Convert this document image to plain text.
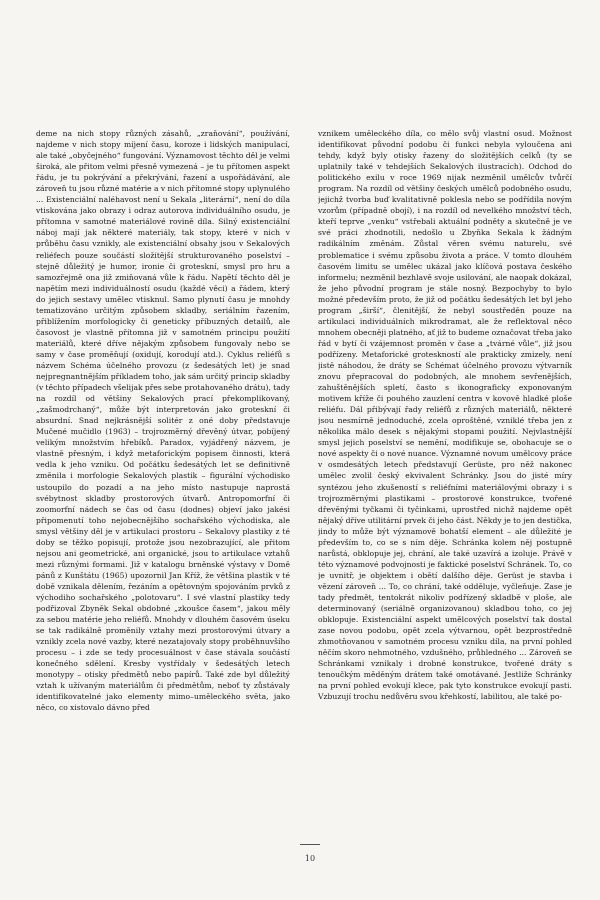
deme na nich stopy různých zásahů, „zraňování“, používání, najdeme v nich stopy míjení času, koroze i lidských manipulací, ale také „obyčejného“ fungování. Významovost těchto děl je velmi široká, ale přitom velmi přesně vymezená – je tu přítomen aspekt řádu, je tu pokrývání a překrývání, řazení a uspořádávání, ale zároveň tu jsou různé matérie a v nich přítomné stopy uplynulého ... Existenciální naléhavost není u Sekala „literární“, není do díla vtiskována jako obrazy i odraz autorova individuálního osudu, je přítomna v samotné materiálové rovině díla. Silný existenciální náboj mají jak některé materiály, tak stopy, které v nich v průběhu času vznikly, ale existenciální obsahy jsou v Sekalových reliéfech pouze součástí složitější strukturovaného poselství – stejně důležitý je humor, ironie či groteskní, smysl pro hru a samozřejmě ona již zmiňovaná vůle k řádu. Napětí těchto děl je napětím mezi individuálností osudu (každé věci) a řádem, který do jejich sestavy umělec vtisknul. Samo plynutí času je mnohdy tematizováno určitým způsobem skladby, seriálním řazením, přiblížením morfologicky či geneticky příbuzných detailů, ale časovost je vlastně přítomna již v samotném principu použití materiálů, které dříve nějakým způsobem fungovaly nebo se samy v čase proměňují (oxidují, korodují atd.). Cyklus reliéfů s názvem Schéma účelného provozu (z šedesátých let) je snad nejpregnantnějším příkladem toho, jak sám určitý princip skladby (v těchto případech všelijak přes sebe protahovaného drátu), tady na rozdíl od většiny Sekalových prací překomplikovaný, „zašmodrchaný“, může být interpretován jako groteskní či absurdní. Snad nejkrásnější solitér z oné doby představuje Mučené mučidlo (1963) – trojrozměrný dřevěný útvar, pobíjený velikým množstvím hřebíků. Paradox, vyjádřený názvem, je vlastně přesným, i když metaforickým popisem činnosti, která vedla k jeho vzniku. Od počátku šedesátých let se definitivně změnila i morfologie Sekalových plastik – figurální východisko ustoupilo do pozadí a na jeho místo nastupuje naprostá svébytnost skladby prostorových útvarů. Antropomorfní či zoomorfní nádech se čas od času (dodnes) objeví jako jakési připomenutí toho nejobecnějšího sochařského východiska, ale smysl většiny děl je v artikulaci prostoru – Sekalovy plastiky z té doby se těžko popisují, protože jsou nezobrazující, ale přitom nejsou ani geometrické, ani organické, jsou to artikulace vztahů mezi různými formami. Již v katalogu brněnské výstavy v Domě pánů z Kunštátu (1965) upozornil Jan Kříž, že většina plastik v té době vznikala dělením, řezáním a opětovným spojováním prvků z východiho sochařského „polotovaru“. I své vlastní plastiky tedy podřizoval Zbyněk Sekal obdobné „zkoušce časem“, jakou měly za sebou matérie jeho reliéfů. Mnohdy v dlouhém časovém úseku se tak radikálně proměnily vztahy mezi prostorovými útvary a vznikly zcela nové vazby, které nezatajovaly stopy proběhnuvšího procesu – i zde se tedy procesuálnost v čase stávala součástí konečného sdělení. Kresby vystřídaly v šedesátých letech monotypy – otisky předmětů nebo papírů. Také zde byl důležitý vztah k užívaným materiálům či předmětům, neboť ty zůstávaly identifikovatelné jako elementy mimo–uměleckého světa, jako něco, co xistovalo dávno před

vznikem uměleckého díla, co mělo svůj vlastní osud. Možnost identifikovat původní podobu či funkci nebyla vyloučena ani tehdy, když byly otisky řazeny do složitějších celků (ty se uplatnily také v tehdejších Sekalových ilustracích). Odchod do politického exilu v roce 1969 nijak nezměnil umělcův tvůrčí program. Na rozdíl od většiny českých umělců podobného osudu, jejichž tvorba buď kvalitativně poklesla nebo se podřídila novým vzorům (případně obojí), i na rozdíl od nevelkého množství těch, kteří teprve „venku“ vstřebali aktuální podněty a skutečně je ve své práci zhodnotili, nedošlo u Zbyňka Sekala k žádným radikálním změnám. Zůstal věren svému naturelu, své problematice i svému způsobu života a práce. V tomto dlouhém časovém limitu se umělec ukázal jako klíčová postava českého informelu; nezměnil bezhlavě svoje usilování, ale naopak dokázal, že jeho původní program je stále nosný. Bezpochyby to bylo možné především proto, že již od počátku šedesátých let byl jeho program „širší“, členitější, že nebyl soustředěn pouze na artikulaci individuálních mikrodramat, ale že reflektoval něco mnohem obecněji platného, ať již to budeme označovat třeba jako řád v bytí či vzájemnost proměn v čase a „tvárné vůle“, již jsou podřízeny. Metaforické groteskností ale prakticky zmizely, není jistě náhodou, že dráty se Schémat účelného provozu výtvarník znovu přepracoval do podobných, ale mnohem sevřenějších, zahuštěnějších spletí, často s ikonograficky exponovaným motivem kříže či pouhého zauzlení centra v kovově hladké ploše reliéfu. Dál přibývají řady reliéfů z různých materiálů, některé jsou nesmírně jednoduché, zcela oproštěné, vzniklé třeba jen z několika málo desek s nějakými stopami použití. Nejvlastnější smysl jejich poselství se nemění, modifikuje se, obohacuje se o nové aspekty či o nové nuance. Významné novum umělcovy práce v osmdesátých letech představují Gerüste, pro něž nakonec umělec zvolil český ekvivalent Schránky. Jsou do jisté míry syntézou jeho zkušeností s reliéfními materiálovými obrazy i s trojrozměrnými plastikami – prostorové konstrukce, tvořené dřevěnými tyčkami či tyčinkami, uprostřed nichž najdeme opět nějaký dříve utilitární prvek či jeho část. Někdy je to jen destička, jindy to může být významově bohatší element – ale důležité je především to, co se s ním děje. Schránka kolem něj postupně narůstá, obklopuje jej, chrání, ale také uzavírá a izoluje. Právě v této významové podvojnosti je faktické poselství Schránek. To, co je uvnitř, je objektem i obětí dalšího děje. Gerüst je stavba i vězení zároveň ... To, co chrání, také odděluje, vyčleňuje. Zase je tady předmět, tentokrát nikoliv podřízený skladbě v ploše, ale determinovaný (seriálně organizovanou) skladbou toho, co jej obklopuje. Existenciální aspekt umělcových poselství tak dostal zase novou podobu, opět zcela výtvarnou, opět bezprostředně zhmotňovanou v samotném procesu vzniku díla, na první pohled něčím skoro nehmotného, vzdušného, průhledného ... Zároveň se Schránkami vznikaly i drobné konstrukce, tvořené dráty s tenoučkým měděným drátem také omotávané. Jestliže Schránky na první pohled evokují klece, pak tyto konstrukce evokují pasti. Vzbuzují trochu nedůvěru svou křehkostí, labilitou, ale také po-

10
